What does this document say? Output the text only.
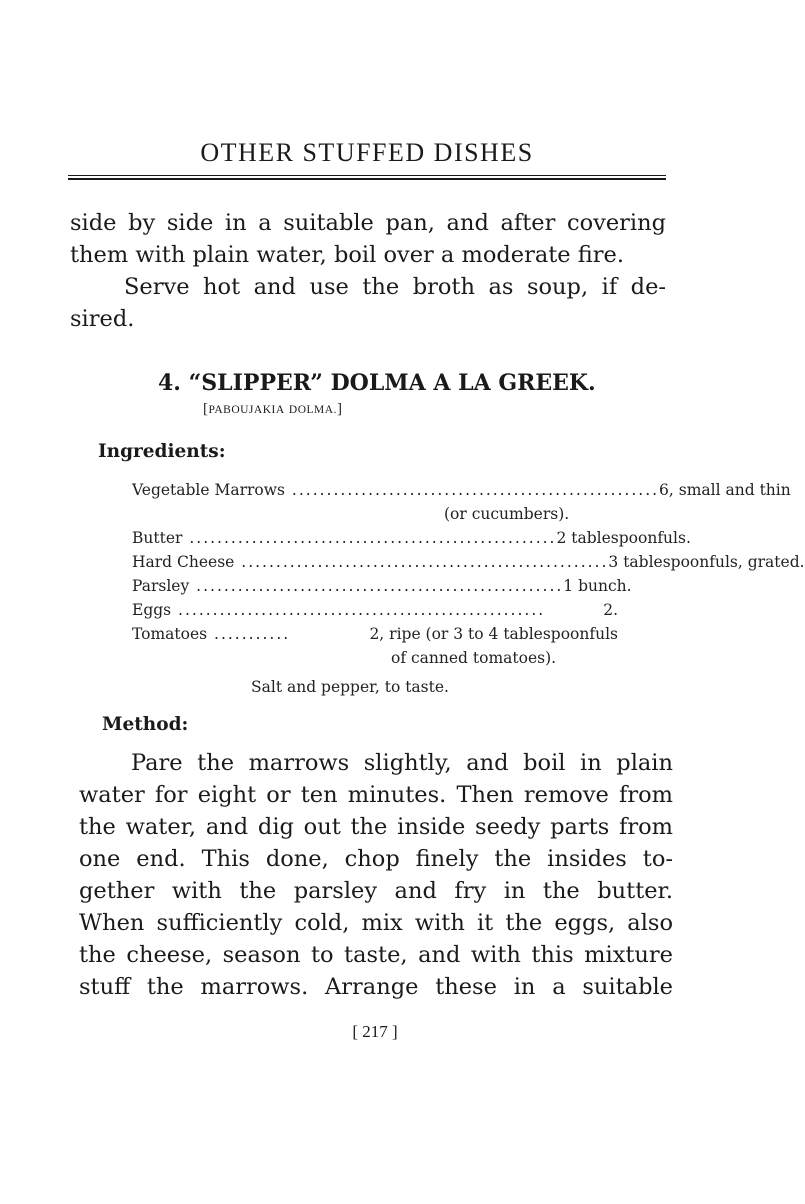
OTHER STUFFED DISHES
side by side in a suitable pan, and after covering
them with plain water, boil over a moderate fire.
Serve hot and use the broth as soup, if de-
sired.
4. “SLIPPER” DOLMA A LA GREEK.
[PABOUJAKIA DOLMA.]
Ingredients:
Vegetable Marrows ..................................................... 6, small and thin
(or cucumbers).
Butter ..................................................... 2 tablespoonfuls.
Hard Cheese ..................................................... 3 tablespoonfuls, grated.
Parsley ..................................................... 1 bunch.
Eggs .....................................................	2.
Tomatoes ...........	2, ripe (or 3 to 4 tablespoonfuls
of canned tomatoes).
Salt and pepper, to taste.
Method:
Pare the marrows slightly, and boil in plain
water for eight or ten minutes. Then remove from
the water, and dig out the inside seedy parts from
one end. This done, chop finely the insides to-
gether with the parsley and fry in the butter.
When sufficiently cold, mix with it the eggs, also
the cheese, season to taste, and with this mixture
stuff the marrows. Arrange these in a suitable
[ 217 ]
